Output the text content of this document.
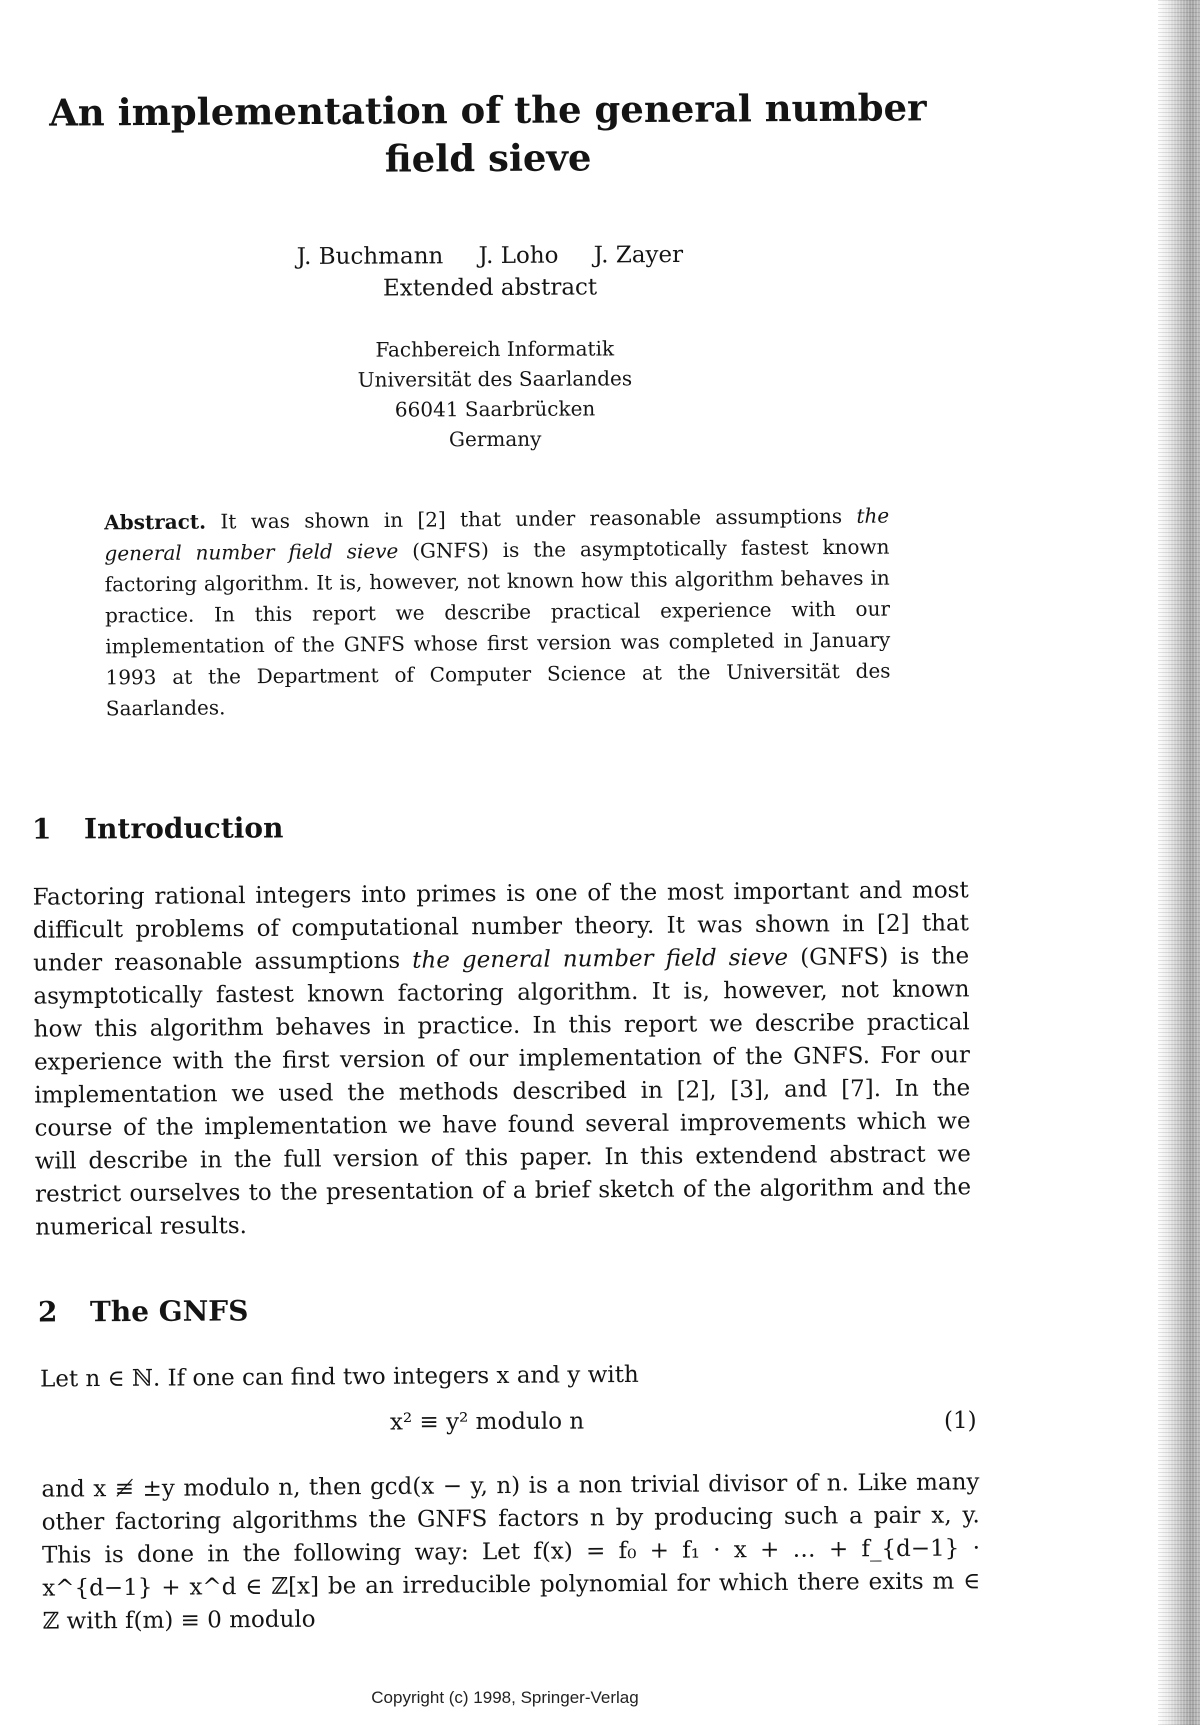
An implementation of the general number field sieve
J. Buchmann J. Loho J. Zayer
Extended abstract
Fachbereich Informatik
Universität des Saarlandes
66041 Saarbrücken
Germany

Abstract. It was shown in [2] that under reasonable assumptions the general number field sieve (GNFS) is the asymptotically fastest known factoring algorithm. It is, however, not known how this algorithm behaves in practice. In this report we describe practical experience with our implementation of the GNFS whose first version was completed in January 1993 at the Department of Computer Science at the Universität des Saarlandes.

1 Introduction

Factoring rational integers into primes is one of the most important and most difficult problems of computational number theory. It was shown in [2] that under reasonable assumptions the general number field sieve (GNFS) is the asymptotically fastest known factoring algorithm. It is, however, not known how this algorithm behaves in practice. In this report we describe practical experience with the first version of our implementation of the GNFS. For our implementation we used the methods described in [2], [3], and [7]. In the course of the implementation we have found several improvements which we will describe in the full version of this paper. In this extendend abstract we restrict ourselves to the presentation of a brief sketch of the algorithm and the numerical results.

2 The GNFS

Let n ∈ ℕ. If one can find two integers x and y with

x² ≡ y² modulo n	(1)

and x ≢ ±y modulo n, then gcd(x − y, n) is a non trivial divisor of n. Like many other factoring algorithms the GNFS factors n by producing such a pair x, y. This is done in the following way: Let f(x) = f₀ + f₁ · x + … + f_{d−1} · x^{d−1} + x^d ∈ ℤ[x] be an irreducible polynomial for which there exits m ∈ ℤ with f(m) ≡ 0 modulo

Copyright (c) 1998, Springer-Verlag
